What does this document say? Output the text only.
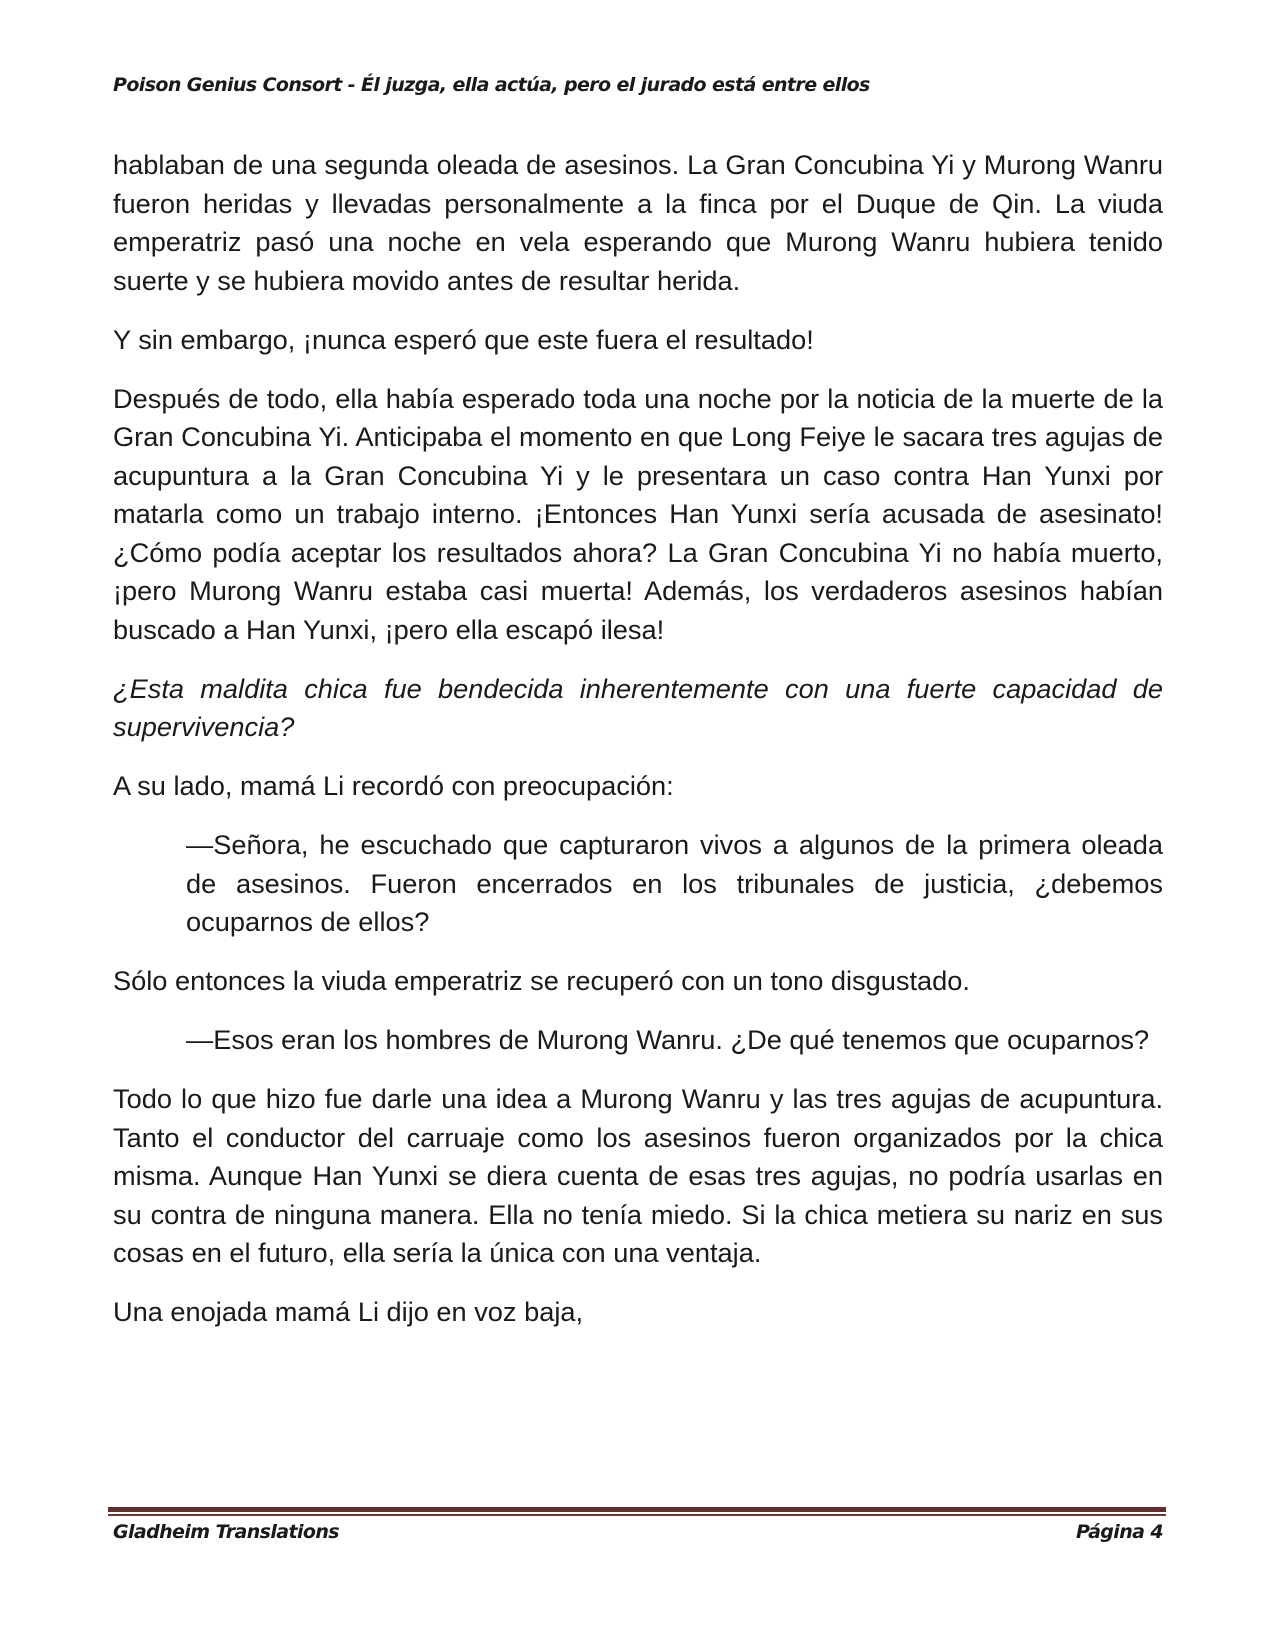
Poison Genius Consort - Él juzga, ella actúa, pero el jurado está entre ellos

hablaban de una segunda oleada de asesinos. La Gran Concubina Yi y Murong Wanru fueron heridas y llevadas personalmente a la finca por el Duque de Qin. La viuda emperatriz pasó una noche en vela esperando que Murong Wanru hubiera tenido suerte y se hubiera movido antes de resultar herida.

Y sin embargo, ¡nunca esperó que este fuera el resultado!

Después de todo, ella había esperado toda una noche por la noticia de la muerte de la Gran Concubina Yi. Anticipaba el momento en que Long Feiye le sacara tres agujas de acupuntura a la Gran Concubina Yi y le presentara un caso contra Han Yunxi por matarla como un trabajo interno. ¡Entonces Han Yunxi sería acusada de asesinato! ¿Cómo podía aceptar los resultados ahora? La Gran Concubina Yi no había muerto, ¡pero Murong Wanru estaba casi muerta! Además, los verdaderos asesinos habían buscado a Han Yunxi, ¡pero ella escapó ilesa!

¿Esta maldita chica fue bendecida inherentemente con una fuerte capacidad de supervivencia?

A su lado, mamá Li recordó con preocupación:

—Señora, he escuchado que capturaron vivos a algunos de la primera oleada de asesinos. Fueron encerrados en los tribunales de justicia, ¿debemos ocuparnos de ellos?

Sólo entonces la viuda emperatriz se recuperó con un tono disgustado.

—Esos eran los hombres de Murong Wanru. ¿De qué tenemos que ocuparnos?

Todo lo que hizo fue darle una idea a Murong Wanru y las tres agujas de acupuntura. Tanto el conductor del carruaje como los asesinos fueron organizados por la chica misma. Aunque Han Yunxi se diera cuenta de esas tres agujas, no podría usarlas en su contra de ninguna manera. Ella no tenía miedo. Si la chica metiera su nariz en sus cosas en el futuro, ella sería la única con una ventaja.

Una enojada mamá Li dijo en voz baja,

Gladheim Translations	Página 4
